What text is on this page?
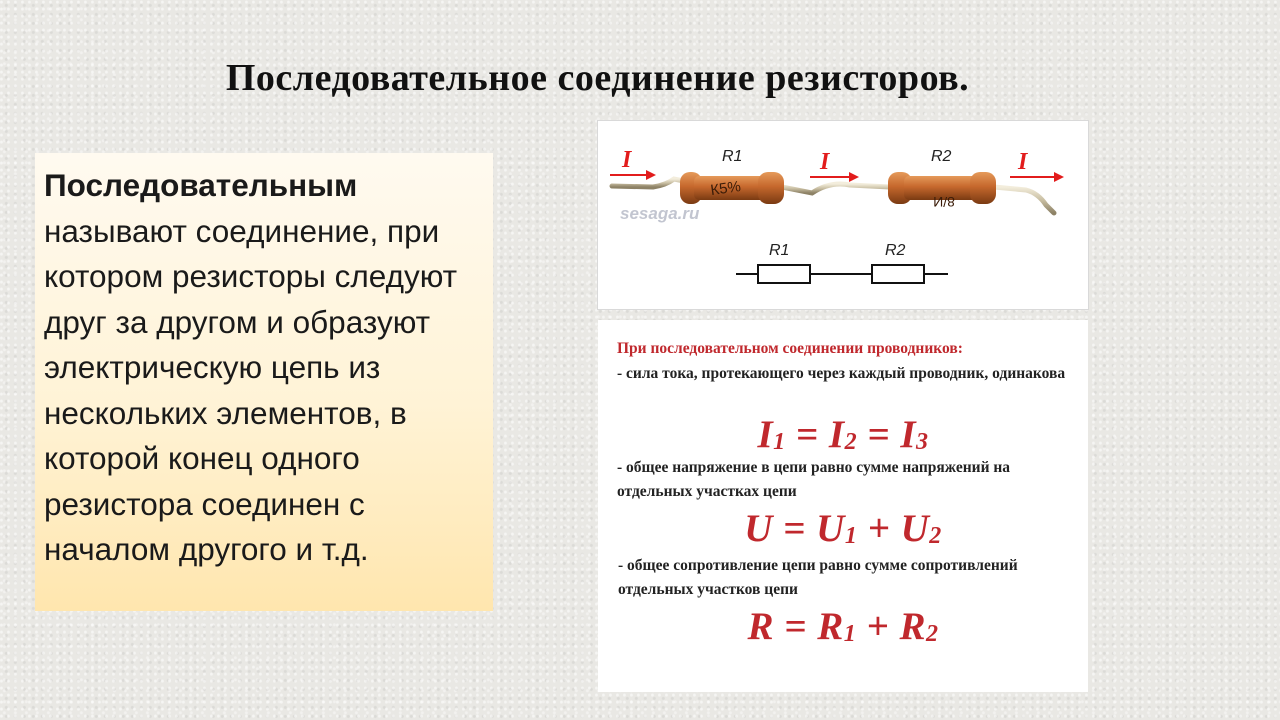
Последовательное соединение резисторов.

Последовательным называют соединение, при котором резисторы следуют друг за другом и образуют электрическую цепь из нескольких элементов, в которой конец одного резистора соединен с началом другого и т.д.

К5%
8/И
sesaga.ru
R1	R2
I	I	I
R1	R2
При последовательном соединении проводников:
- сила тока, протекающего через каждый проводник, одинакова
$I_1 = I_2 = I_3$
- общее напряжение в цепи равно сумме напряжений на отдельных участках цепи
$U = U_1 + U_2$
- общее сопротивление цепи равно сумме сопротивлений отдельных участков цепи
$R = R_1 + R_2$
